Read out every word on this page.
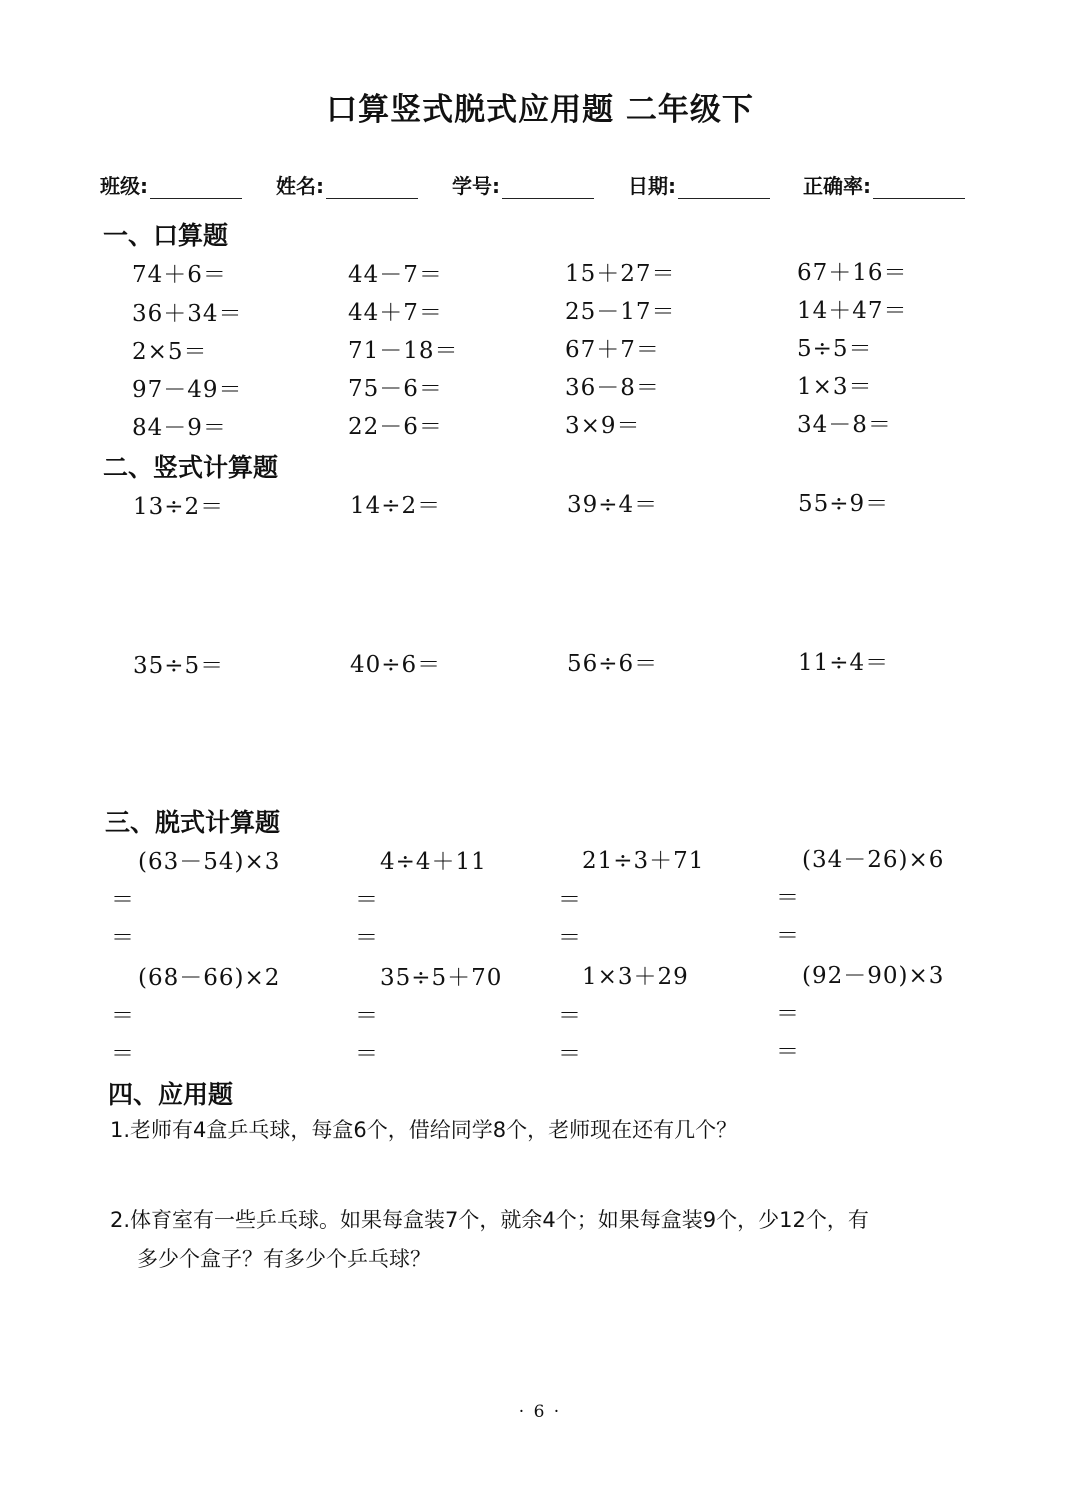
口算竖式脱式应用题 二年级下
班级:	姓名:	学号:	日期:	正确率:
一、口算题
74＋6＝	44－7＝	15＋27＝	67＋16＝
36＋34＝	44＋7＝	25－17＝	14＋47＝
2×5＝	71－18＝	67＋7＝	5÷5＝
97－49＝	75－6＝	36－8＝	1×3＝
84－9＝	22－6＝	3×9＝	34－8＝
二、竖式计算题
13÷2＝	14÷2＝	39÷4＝	55÷9＝
35÷5＝	40÷6＝	56÷6＝	11÷4＝
三、脱式计算题
(63－54)×3	4÷4＋11	21÷3＋71	(34－26)×6
＝	＝	＝	＝
＝	＝	＝	＝
(68－66)×2	35÷5＋70	1×3＋29	(92－90)×3
＝	＝	＝	＝
＝	＝	＝	＝
四、应用题
1.老师有4盒乒乓球，每盒6个，借给同学8个，老师现在还有几个？
2.体育室有一些乒乓球。如果每盒装7个，就余4个；如果每盒装9个，少12个，有
多少个盒子？有多少个乒乓球？
· 6 ·
